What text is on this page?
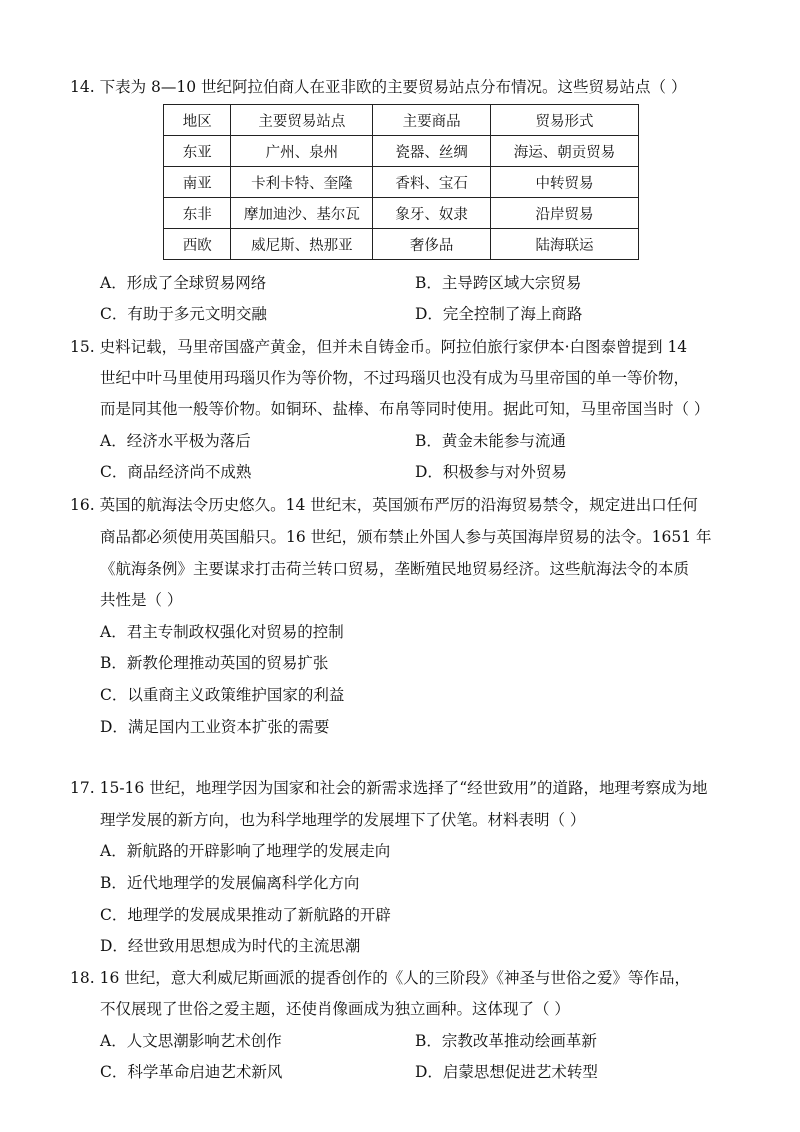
14. 下表为 8—10 世纪阿拉伯商人在亚非欧的主要贸易站点分布情况。这些贸易站点（ ）
地区	主要贸易站点	主要商品	贸易形式
东亚	广州、泉州	瓷器、丝绸	海运、朝贡贸易
南亚	卡利卡特、奎隆	香料、宝石	中转贸易
东非	摩加迪沙、基尔瓦	象牙、奴隶	沿岸贸易
西欧	威尼斯、热那亚	奢侈品	陆海联运
A．形成了全球贸易网络	B．主导跨区域大宗贸易
C．有助于多元文明交融	D．完全控制了海上商路
15. 史料记载，马里帝国盛产黄金，但并未自铸金币。阿拉伯旅行家伊本·白图泰曾提到 14
世纪中叶马里使用玛瑙贝作为等价物，不过玛瑙贝也没有成为马里帝国的单一等价物，
而是同其他一般等价物。如铜环、盐棒、布帛等同时使用。据此可知，马里帝国当时（ ）
A．经济水平极为落后	B．黄金未能参与流通
C．商品经济尚不成熟	D．积极参与对外贸易
16. 英国的航海法令历史悠久。14 世纪末，英国颁布严厉的沿海贸易禁令，规定进出口任何
商品都必须使用英国船只。16 世纪，颁布禁止外国人参与英国海岸贸易的法令。1651 年
《航海条例》主要谋求打击荷兰转口贸易，垄断殖民地贸易经济。这些航海法令的本质
共性是（ ）
A．君主专制政权强化对贸易的控制
B．新教伦理推动英国的贸易扩张
C．以重商主义政策维护国家的利益
D．满足国内工业资本扩张的需要
17. 15-16 世纪，地理学因为国家和社会的新需求选择了“经世致用”的道路，地理考察成为地
理学发展的新方向，也为科学地理学的发展埋下了伏笔。材料表明（ ）
A．新航路的开辟影响了地理学的发展走向
B．近代地理学的发展偏离科学化方向
C．地理学的发展成果推动了新航路的开辟
D．经世致用思想成为时代的主流思潮
18. 16 世纪，意大利威尼斯画派的提香创作的《人的三阶段》《神圣与世俗之爱》等作品，
不仅展现了世俗之爱主题，还使肖像画成为独立画种。这体现了（ ）
A．人文思潮影响艺术创作	B．宗教改革推动绘画革新
C．科学革命启迪艺术新风	D．启蒙思想促进艺术转型
